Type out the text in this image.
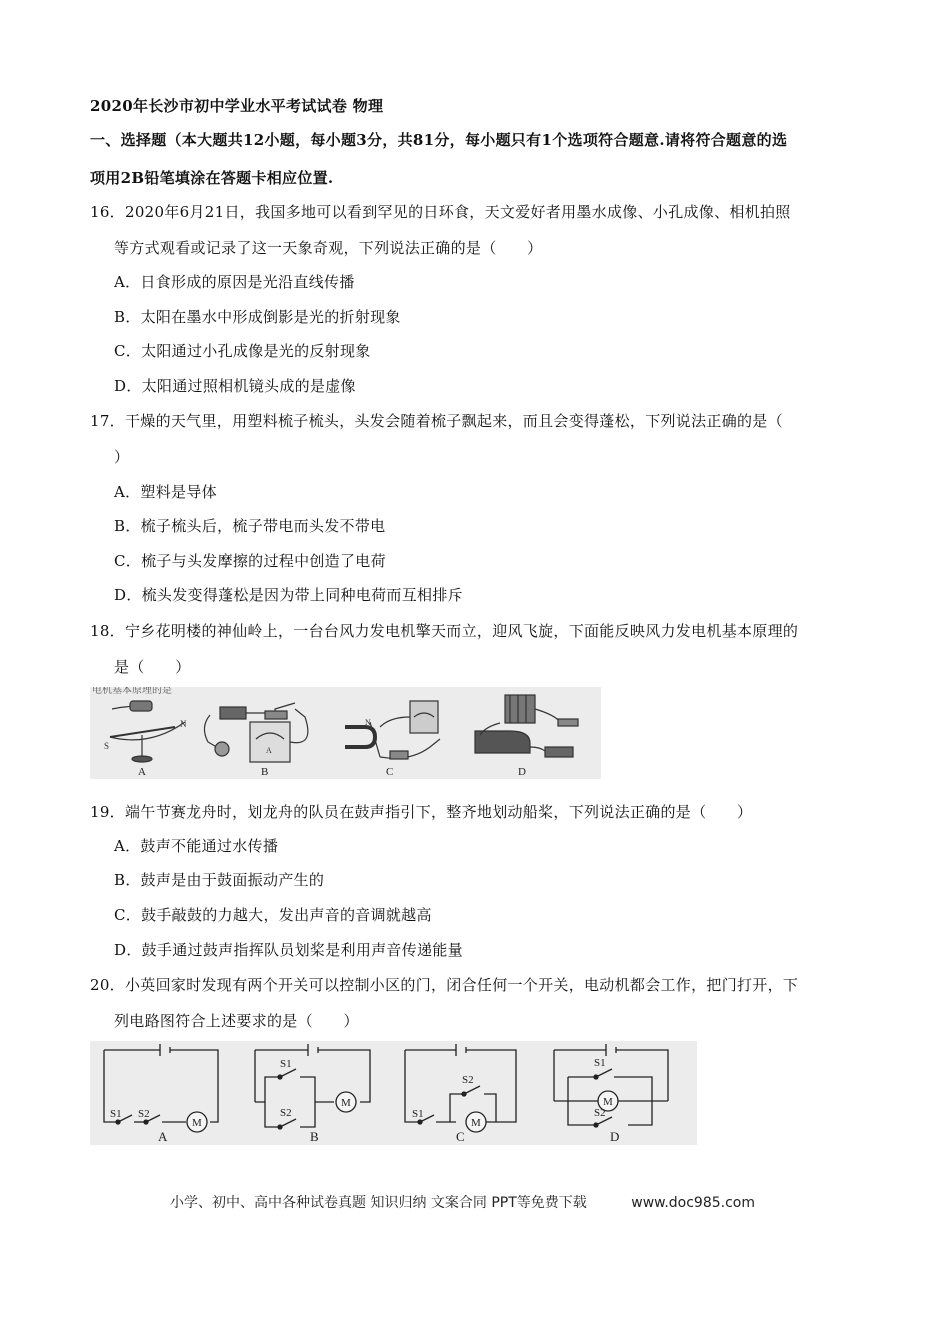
2020年长沙市初中学业水平考试试卷 物理
一、选择题（本大题共12小题，每小题3分，共81分，每小题只有1个选项符合题意.请将符合题意的选
项用2B铅笔填涂在答题卡相应位置.
16．2020年6月21日，我国多地可以看到罕见的日环食，天文爱好者用墨水成像、小孔成像、相机拍照
等方式观看或记录了这一天象奇观，下列说法正确的是（　　）
A．日食形成的原因是光沿直线传播
B．太阳在墨水中形成倒影是光的折射现象
C．太阳通过小孔成像是光的反射现象
D．太阳通过照相机镜头成的是虚像
17．干燥的天气里，用塑料梳子梳头，头发会随着梳子飘起来，而且会变得蓬松，下列说法正确的是（
）
A．塑料是导体
B．梳子梳头后，梳子带电而头发不带电
C．梳子与头发摩擦的过程中创造了电荷
D．梳头发变得蓬松是因为带上同种电荷而互相排斥
18．宁乡花明楼的神仙岭上，一台台风力发电机擎天而立，迎风飞旋，下面能反映风力发电机基本原理的
是（　　）
电机基本原理的是
S
N
A
A
B
N
C	D
19．端午节赛龙舟时，划龙舟的队员在鼓声指引下，整齐地划动船桨，下列说法正确的是（　　）
A．鼓声不能通过水传播
B．鼓声是由于鼓面振动产生的
C．鼓手敲鼓的力越大，发出声音的音调就越高
D．鼓手通过鼓声指挥队员划桨是利用声音传递能量
20．小英回家时发现有两个开关可以控制小区的门，闭合任何一个开关，电动机都会工作，把门打开，下
列电路图符合上述要求的是（　　）
S1 S2
M
A
S1
S2
M
B
S1
S2
M
C
S1
S2
M
D
小学、初中、高中各种试卷真题 知识归纳 文案合同 PPT等免费下载	www.doc985.com
